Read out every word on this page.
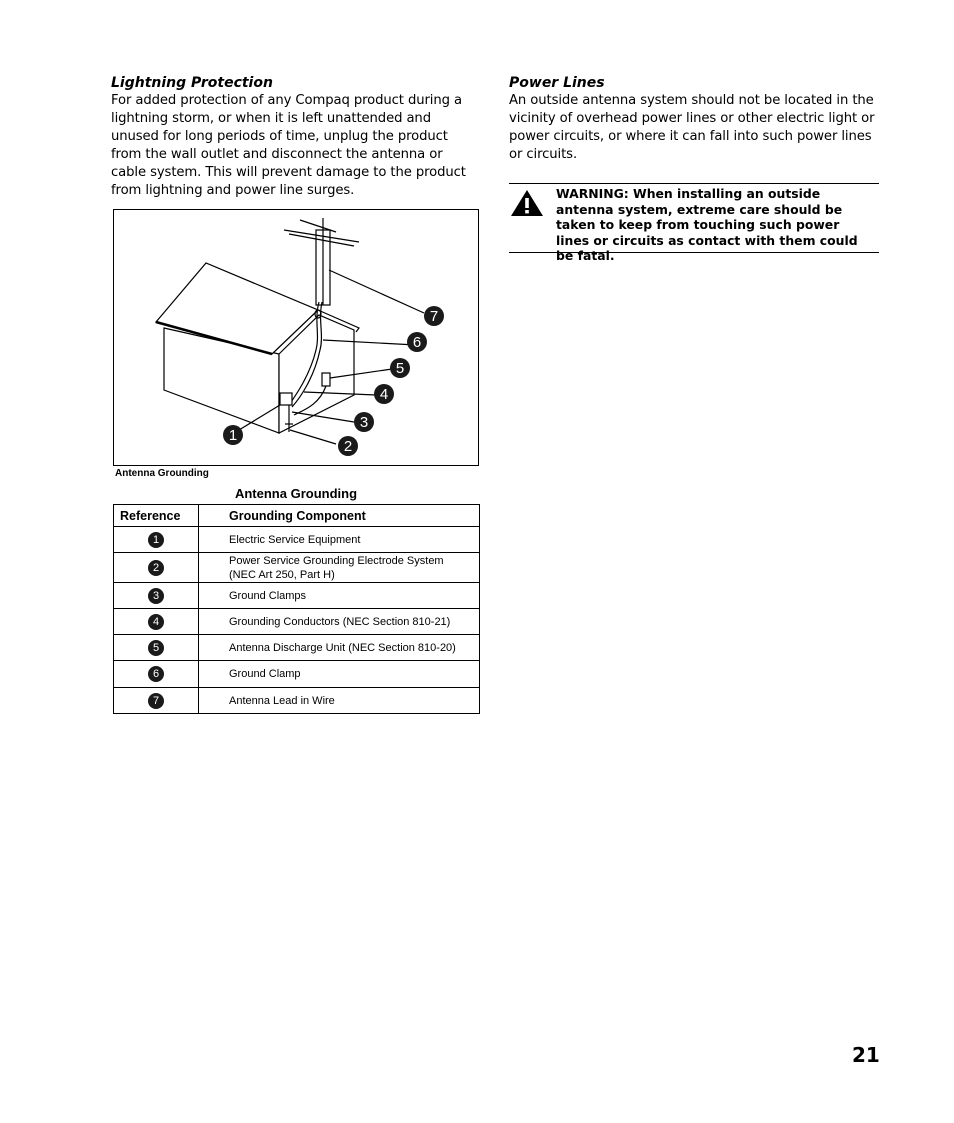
Lightning Protection

For added protection of any Compaq product during a lightning storm, or when it is left unattended and unused for long periods of time, unplug the product from the wall outlet and disconnect the antenna or cable system. This will prevent damage to the product from lightning and power line surges.

1
2
3
4
5
6
7
Antenna Grounding
Antenna Grounding
Reference	Grounding Component
1	Electric Service Equipment
2	Power Service Grounding Electrode System
(NEC Art 250, Part H)
3	Ground Clamps
4	Grounding Conductors (NEC Section 810-21)
5	Antenna Discharge Unit (NEC Section 810-20)
6	Ground Clamp
7	Antenna Lead in Wire

Power Lines

An outside antenna system should not be located in the vicinity of overhead power lines or other electric light or power circuits, or where it can fall into such power lines or circuits.

WARNING: When installing an outside antenna system, extreme care should be taken to keep from touching such power lines or circuits as contact with them could be fatal.

21
